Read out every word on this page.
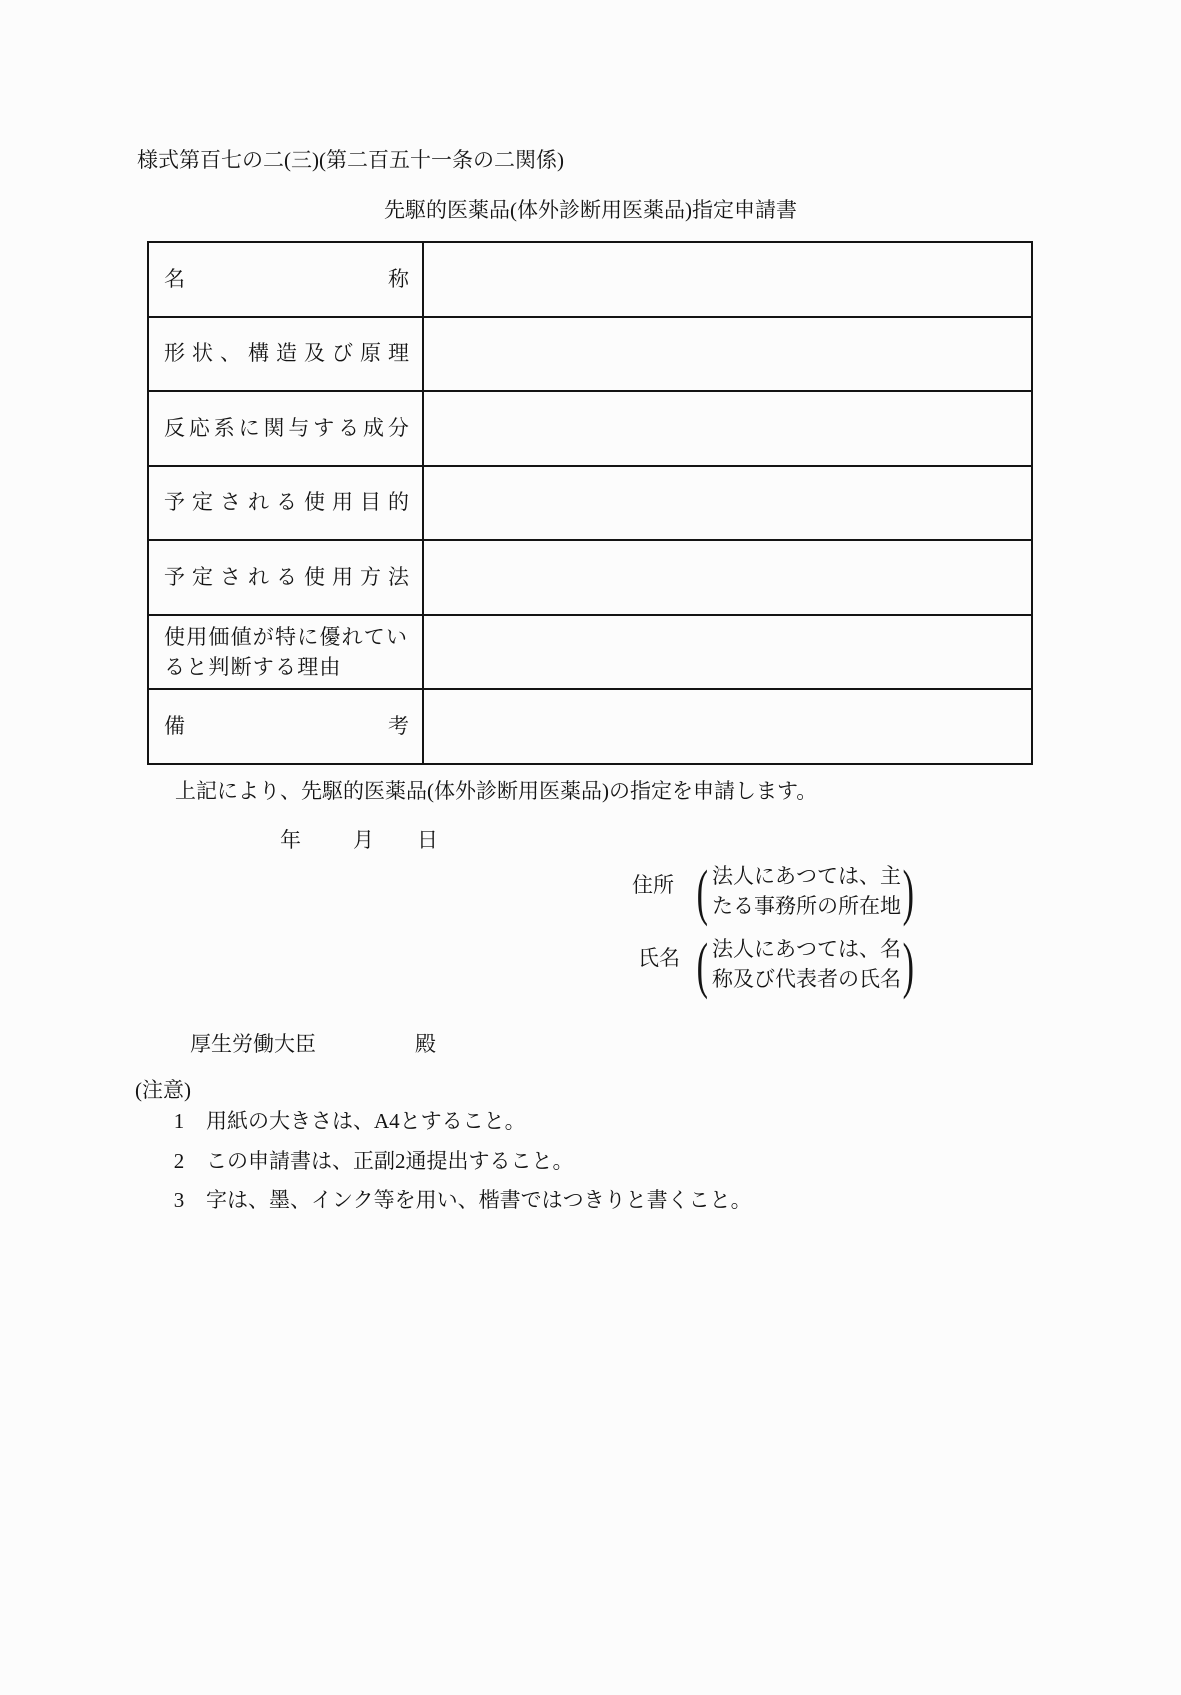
様式第百七の二(三)(第二百五十一条の二関係)
先駆的医薬品(体外診断用医薬品)指定申請書
名 称	

形 状 、 構 造 及 び 原 理

反 応 系 に 関 与 す る 成 分

予 定 さ れ る 使 用 目 的

予 定 さ れ る 使 用 方 法

使用価値が特に優れていると判断する理由	

備 考	

上記により、先駆的医薬品(体外診断用医薬品)の指定を申請します。
年 月 日
住所 ( 法人にあつては、主
たる事務所の所在地 )
氏名 ( 法人にあつては、名
称及び代表者の氏名 )
厚生労働大臣	殿
(注意)
1 用紙の大きさは、A4とすること。
2 この申請書は、正副2通提出すること。
3 字は、墨、インク等を用い、楷書ではつきりと書くこと。
